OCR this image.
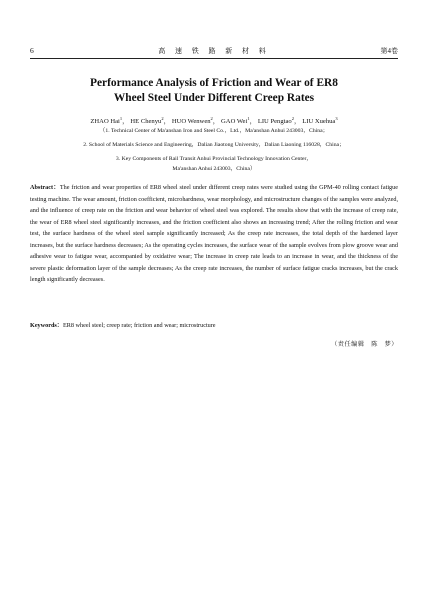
6	高 速 铁 路 新 材 料	第4卷
Performance Analysis of Friction and Wear of ER8
Wheel Steel Under Different Creep Rates
ZHAO Hai$^1$， HE Chenyu$^2$， HUO Wenwen$^2$， GAO Wei$^1$， LIU Pengtao$^2$， LIU Xuehua$^3$
（1. Technical Center of Ma'anshan Iron and Steel Co.，Ltd.，Ma'anshan Anhui 243003，China；
2. School of Materials Science and Engineering，Dalian Jiaotong University，Dalian Liaoning 116028，China；
3. Key Components of Rail Transit Anhui Provincial Technology Innovation Center，
Ma'anshan Anhui 243003，China）

Abstract：The friction and wear properties of ER8 wheel steel under different creep rates were studied using the GPM-40 rolling contact fatigue testing machine. The wear amount, friction coefficient, microhardness, wear morphology, and microstructure changes of the samples were analyzed, and the influence of creep rate on the friction and wear behavior of wheel steel was explored. The results show that with the increase of creep rate, the wear of ER8 wheel steel significantly increases, and the friction coefficient also shows an increasing trend; After the rolling friction and wear test, the surface hardness of the wheel steel sample significantly increased; As the creep rate increases, the total depth of the hardened layer increases, but the surface hardness decreases; As the operating cycles increases, the surface wear of the sample evolves from plow groove wear and adhesive wear to fatigue wear, accompanied by oxidative wear; The increase in creep rate leads to an increase in wear, and the thickness of the severe plastic deformation layer of the sample decreases; As the creep rate increases, the number of surface fatigue cracks increases, but the crack length significantly decreases.

Keywords：ER8 wheel steel; creep rate; friction and wear; microstructure

（责任编辑　陈　梦）
